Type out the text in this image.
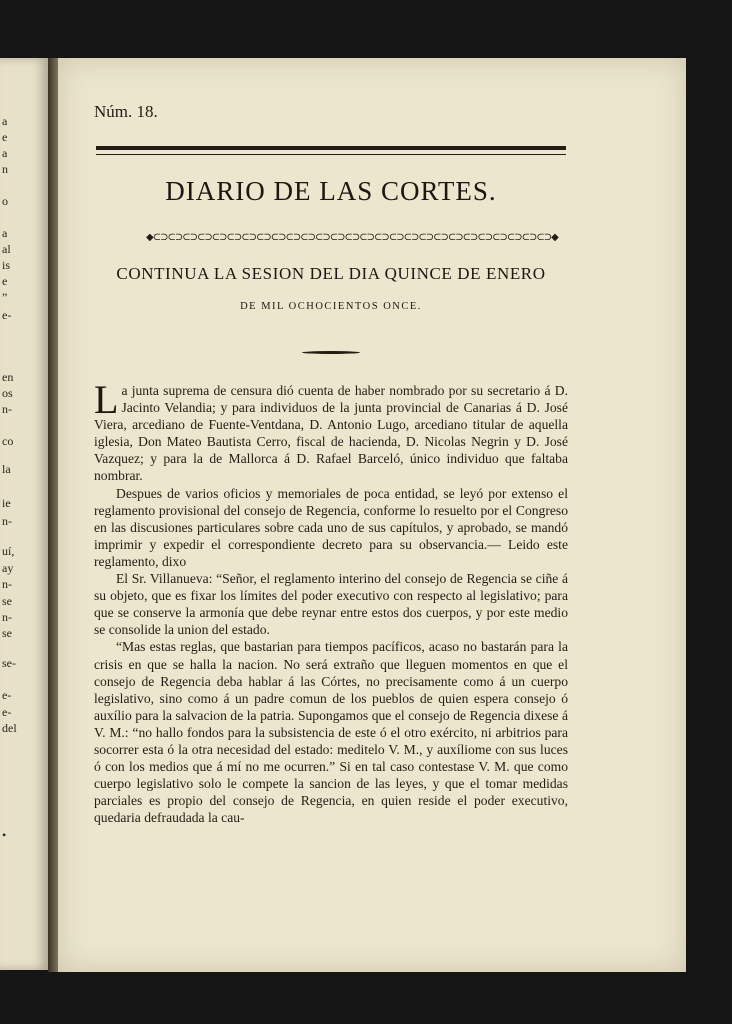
a
e
a
n
o
a
al
is
e
”
e-
en
os
n-
co
la
ie
n-
uí,
ay
n-
se
n-
se
se-
e-
e-
del
•
Núm. 18.
DIARIO DE LAS CORTES.
◆⊂⊃⊂⊃⊂⊃⊂⊃⊂⊃⊂⊃⊂⊃⊂⊃⊂⊃⊂⊃⊂⊃⊂⊃⊂⊃⊂⊃⊂⊃⊂⊃⊂⊃⊂⊃⊂⊃⊂⊃⊂⊃⊂⊃⊂⊃⊂⊃⊂⊃⊂⊃⊂⊃◆
CONTINUA LA SESION DEL DIA QUINCE DE ENERO
DE MIL OCHOCIENTOS ONCE.

La junta suprema de censura dió cuenta de haber nombrado por su secretario á D. Jacinto Velandia; y para individuos de la junta provincial de Canarias á D. José Viera, arcediano de Fuente-Ventdana, D. Antonio Lugo, arcediano titular de aquella iglesia, Don Mateo Bautista Cerro, fiscal de hacienda, D. Nicolas Negrin y D. José Vazquez; y para la de Mallorca á D. Rafael Barceló, único individuo que faltaba nombrar.

Despues de varios oficios y memoriales de poca entidad, se leyó por extenso el reglamento provisional del consejo de Regencia, conforme lo resuelto por el Congreso en las discusiones particulares sobre cada uno de sus capítulos, y aprobado, se mandó imprimir y expedir el correspondiente decreto para su observancia.— Leido este reglamento, dixo

El Sr. Villanueva: “Señor, el reglamento interino del consejo de Regencia se ciñe á su objeto, que es fixar los límites del poder executivo con respecto al legislativo; para que se conserve la armonía que debe reynar entre estos dos cuerpos, y por este medio se consolide la union del estado.

“Mas estas reglas, que bastarian para tiempos pacíficos, acaso no bastarán para la crisis en que se halla la nacion. No será extraño que lleguen momentos en que el consejo de Regencia deba hablar á las Córtes, no precisamente como á un cuerpo legislativo, sino como á un padre comun de los pueblos de quien espera consejo ó auxílio para la salvacion de la patria. Supongamos que el consejo de Regencia dixese á V. M.: “no hallo fondos para la subsistencia de este ó el otro exército, ni arbitrios para socorrer esta ó la otra necesidad del estado: meditelo V. M., y auxíliome con sus luces ó con los medios que á mí no me ocurren.” Si en tal caso contestase V. M. que como cuerpo legislativo solo le compete la sancion de las leyes, y que el tomar medidas parciales es propio del consejo de Regencia, en quien reside el poder executivo, quedaria defraudada la cau-
